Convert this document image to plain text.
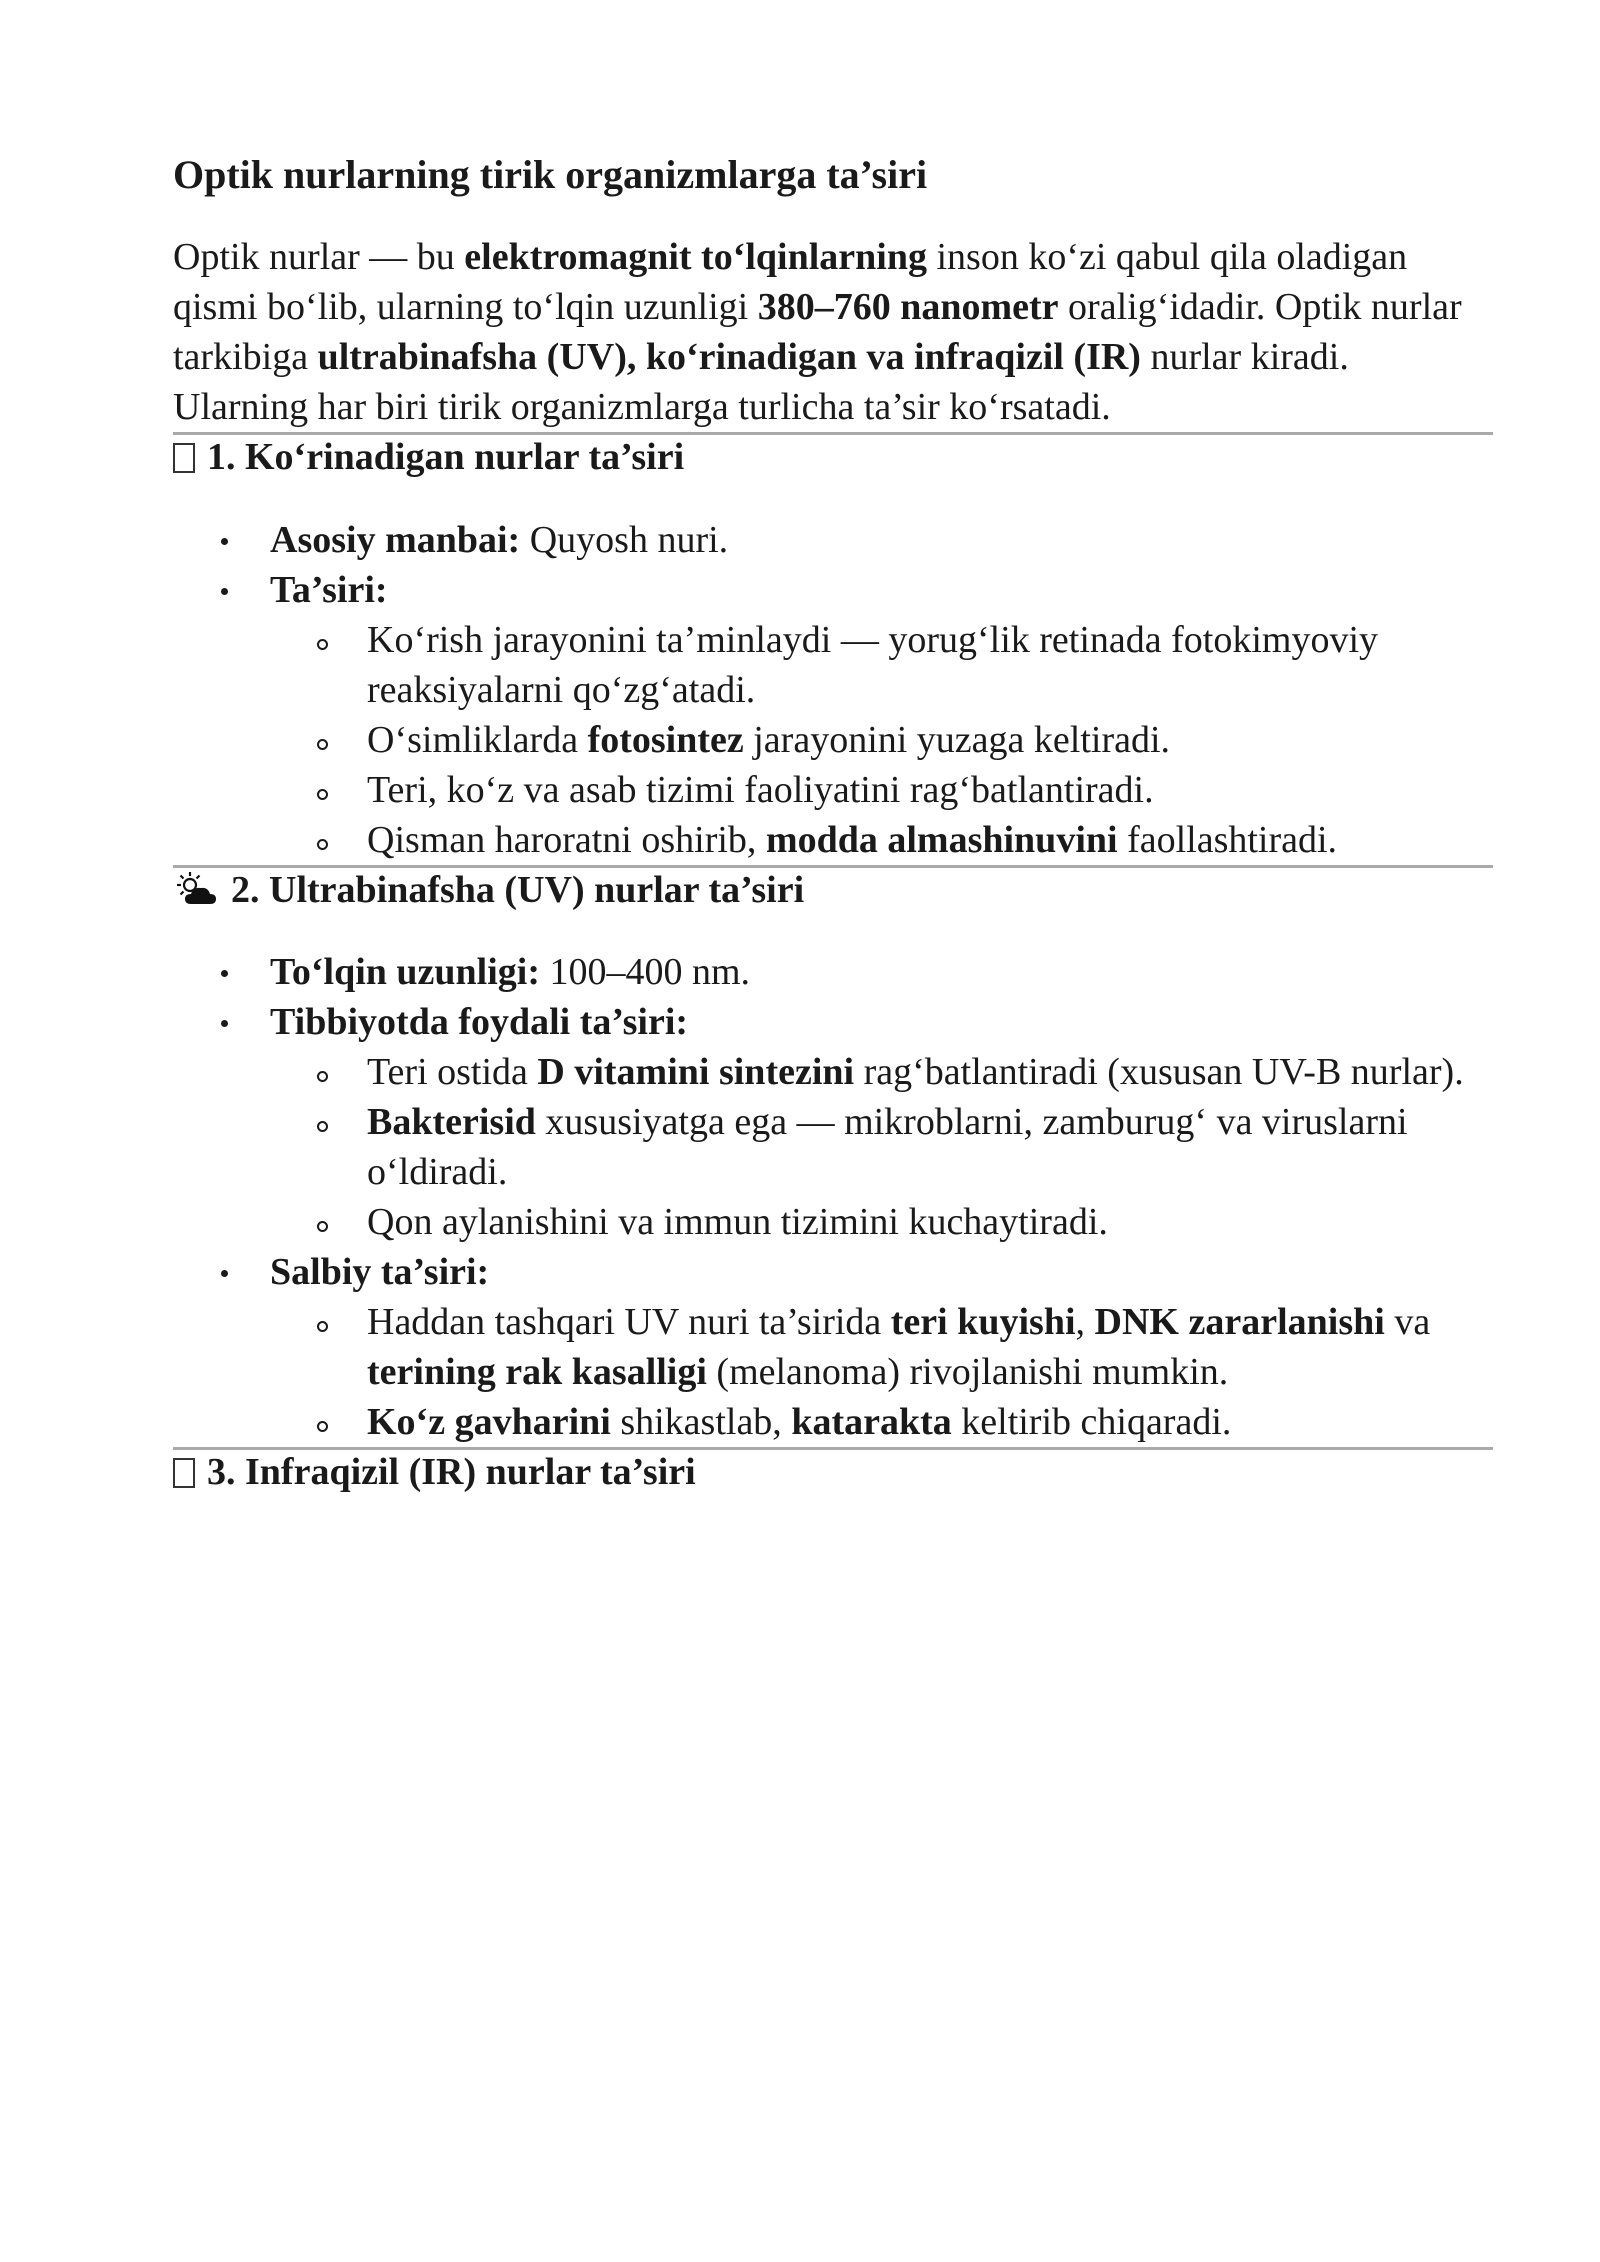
Optik nurlarning tirik organizmlarga ta’siri

Optik nurlar — bu elektromagnit to‘lqinlarning inson ko‘zi qabul qila oladigan qismi bo‘lib, ularning to‘lqin uzunligi 380–760 nanometr oralig‘idadir. Optik nurlar tarkibiga ultrabinafsha (UV), ko‘rinadigan va infraqizil (IR) nurlar kiradi. Ularning har biri tirik organizmlarga turlicha ta’sir ko‘rsatadi.

1. Ko‘rinadigan nurlar ta’siri
Asosiy manbai: Quyosh nuri.
Ta’siri:
Ko‘rish jarayonini ta’minlaydi — yorug‘lik retinada fotokimyoviy reaksiyalarni qo‘zg‘atadi.
O‘simliklarda fotosintez jarayonini yuzaga keltiradi.
Teri, ko‘z va asab tizimi faoliyatini rag‘batlantiradi.
Qisman haroratni oshirib, modda almashinuvini faollashtiradi.
2. Ultrabinafsha (UV) nurlar ta’siri
To‘lqin uzunligi: 100–400 nm.
Tibbiyotda foydali ta’siri:
Teri ostida D vitamini sintezini rag‘batlantiradi (xususan UV-B nurlar).
Bakterisid xususiyatga ega — mikroblarni, zamburug‘ va viruslarni o‘ldiradi.
Qon aylanishini va immun tizimini kuchaytiradi.
Salbiy ta’siri:
Haddan tashqari UV nuri ta’sirida teri kuyishi, DNK zararlanishi va terining rak kasalligi (melanoma) rivojlanishi mumkin.
Ko‘z gavharini shikastlab, katarakta keltirib chiqaradi.
3. Infraqizil (IR) nurlar ta’siri
